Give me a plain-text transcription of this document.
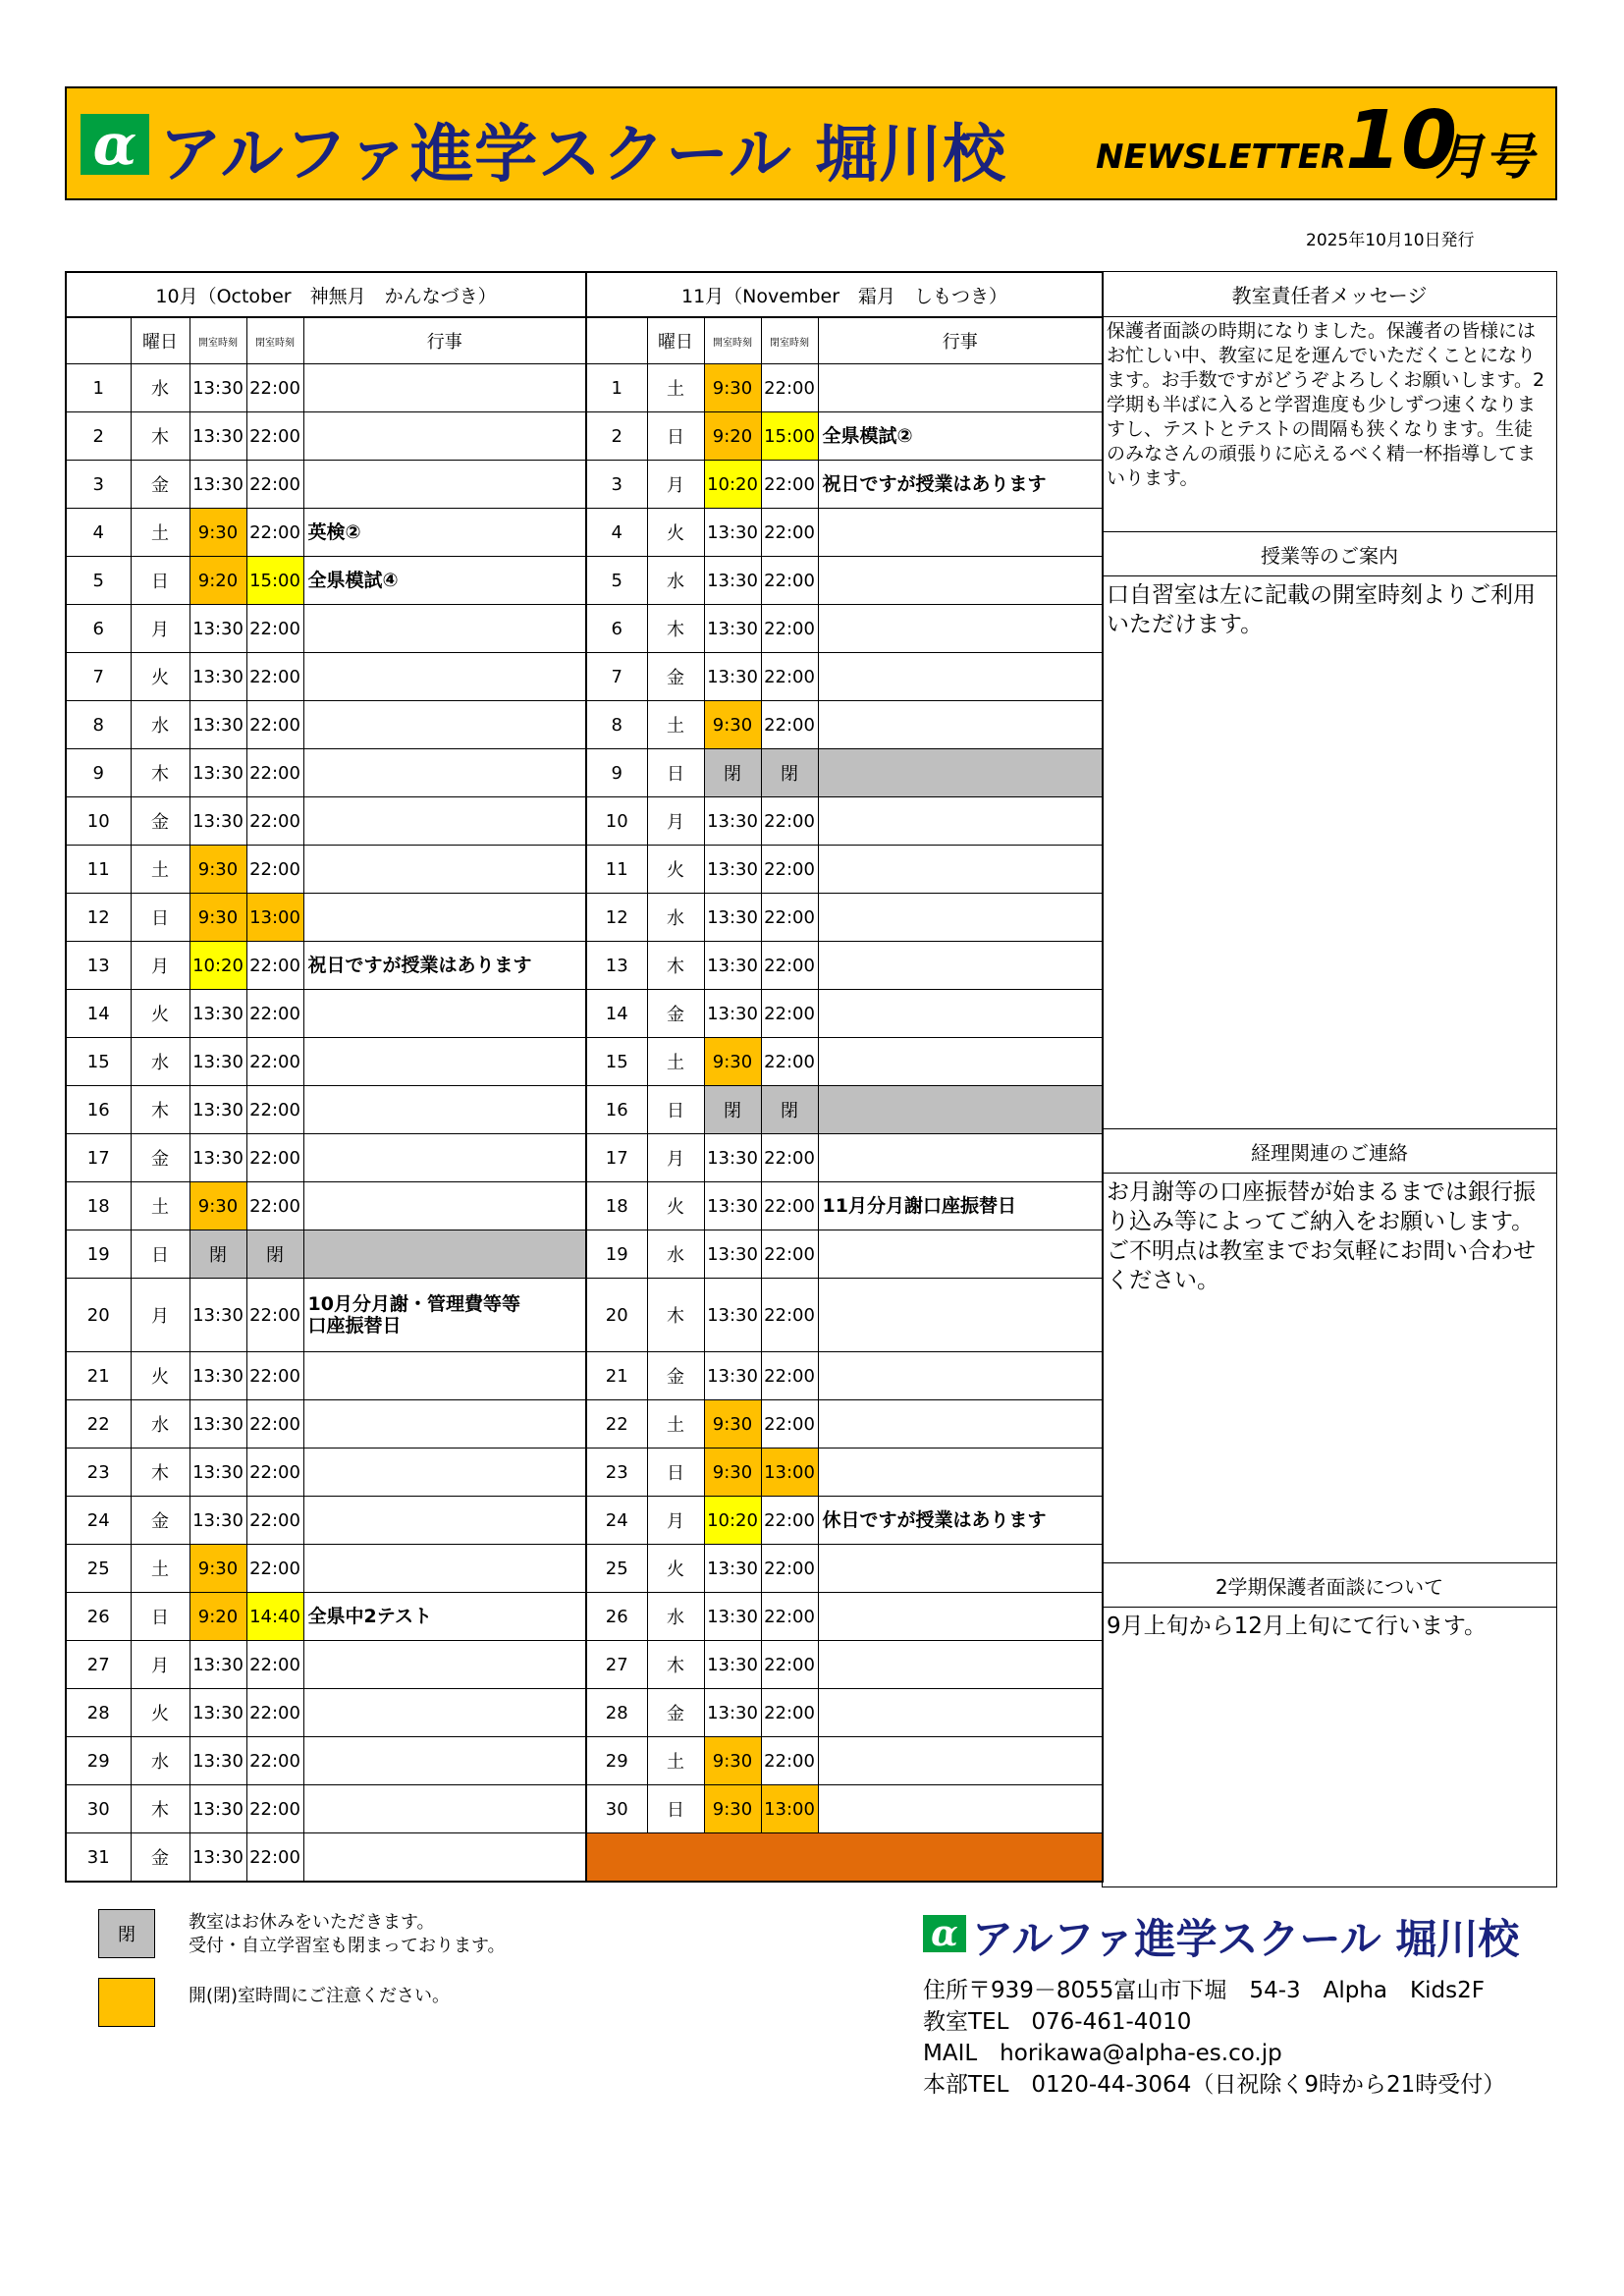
α アルファ進学スクール 堀川校	NEWSLETTER
10
月号
2025年10月10日発行
10月（October　神無月　かんなづき）				
	曜日	開室時刻	閉室時刻	行事
1	水	13:30	22:00	
2	木	13:30	22:00	
3	金	13:30	22:00	
4	土	9:30	22:00	英検②
5	日	9:20	15:00	全県模試④
6	月	13:30	22:00	
7	火	13:30	22:00	
8	水	13:30	22:00	
9	木	13:30	22:00	
10	金	13:30	22:00	
11	土	9:30	22:00	
12	日	9:30	13:00	
13	月	10:20	22:00	祝日ですが授業はあります
14	火	13:30	22:00	
15	水	13:30	22:00	
16	木	13:30	22:00	
17	金	13:30	22:00	
18	土	9:30	22:00	
19	日	閉	閉	
20	月	13:30	22:00	10月分月謝・管理費等等
口座振替日
21	火	13:30	22:00	
22	水	13:30	22:00	
23	木	13:30	22:00	
24	金	13:30	22:00	
25	土	9:30	22:00	
26	日	9:20	14:40	全県中2テスト
27	月	13:30	22:00	
28	火	13:30	22:00	
29	水	13:30	22:00	
30	木	13:30	22:00	
31	金	13:30	22:00	
11月（November　霜月　しもつき）				
	曜日	開室時刻	閉室時刻	行事
1	土	9:30	22:00	
2	日	9:20	15:00	全県模試②
3	月	10:20	22:00	祝日ですが授業はあります
4	火	13:30	22:00	
5	水	13:30	22:00	
6	木	13:30	22:00	
7	金	13:30	22:00	
8	土	9:30	22:00	
9	日	閉	閉	
10	月	13:30	22:00	
11	火	13:30	22:00	
12	水	13:30	22:00	
13	木	13:30	22:00	
14	金	13:30	22:00	
15	土	9:30	22:00	
16	日	閉	閉	
17	月	13:30	22:00	
18	火	13:30	22:00	11月分月謝口座振替日
19	水	13:30	22:00	
20	木	13:30	22:00	
21	金	13:30	22:00	
22	土	9:30	22:00	
23	日	9:30	13:00	
24	月	10:20	22:00	休日ですが授業はあります
25	火	13:30	22:00	
26	水	13:30	22:00	
27	木	13:30	22:00	
28	金	13:30	22:00	
29	土	9:30	22:00	
30	日	9:30	13:00	

教室責任者メッセージ
保護者面談の時期になりました。保護者の皆様にはお忙しい中、教室に足を運んでいただくことになります。お手数ですがどうぞよろしくお願いします。2学期も半ばに入ると学習進度も少しずつ速くなりますし、テストとテストの間隔も狭くなります。生徒のみなさんの頑張りに応えるべく精一杯指導してまいります。
授業等のご案内
口自習室は左に記載の開室時刻よりご利用いただけます。
経理関連のご連絡
お月謝等の口座振替が始まるまでは銀行振り込み等によってご納入をお願いします。ご不明点は教室までお気軽にお問い合わせください。
2学期保護者面談について
9月上旬から12月上旬にて行います。
閉
教室はお休みをいただきます。
受付・自立学習室も閉まっております。
開(閉)室時間にご注意ください。
α アルファ進学スクール 堀川校
住所〒939－8055富山市下堀　54-3　Alpha　Kids2F
教室TEL　076-461-4010
MAIL　horikawa@alpha-es.co.jp
本部TEL　0120-44-3064（日祝除く9時から21時受付）
